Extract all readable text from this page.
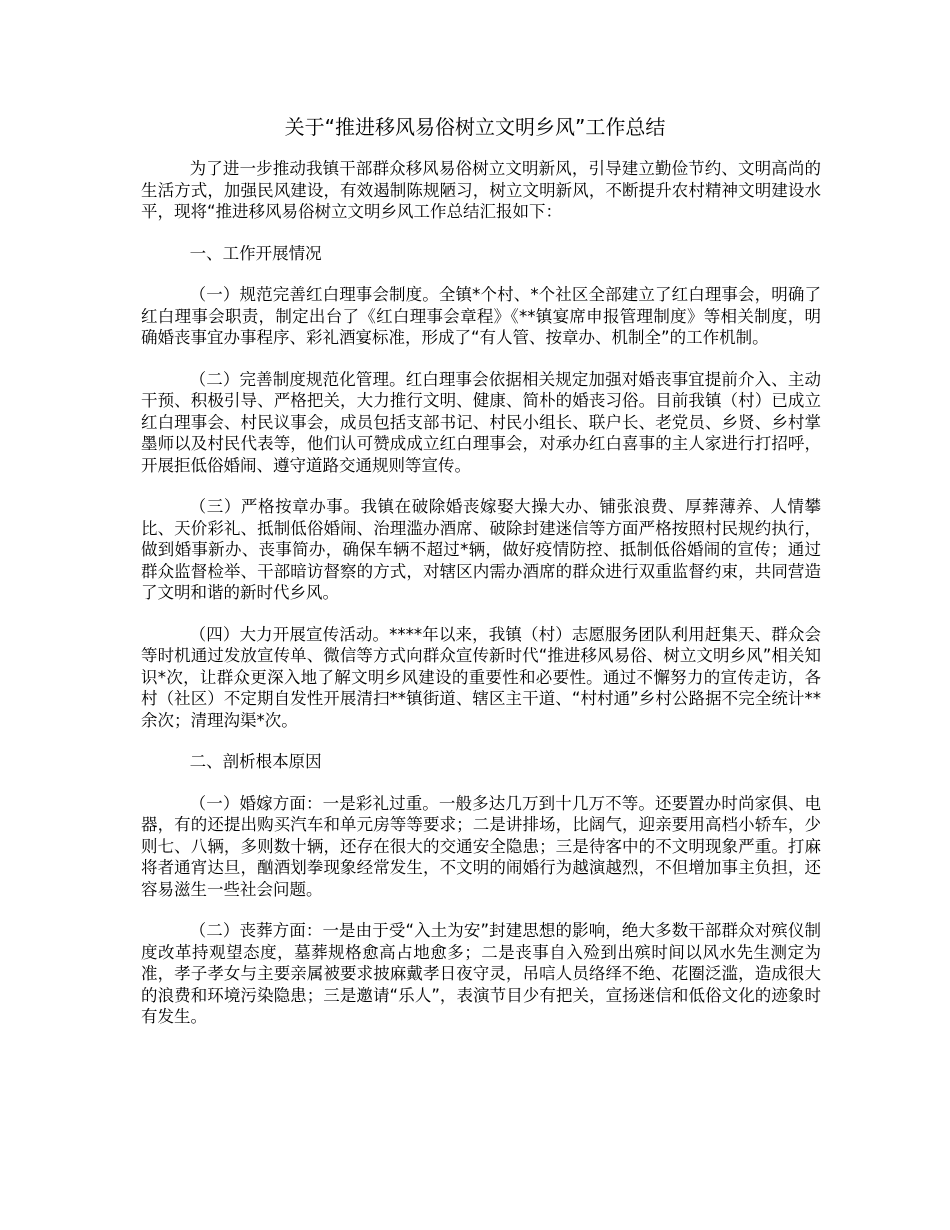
关于“推进移风易俗树立文明乡风”工作总结

为了进一步推动我镇干部群众移风易俗树立文明新风，引导建立勤俭节约、文明高尚的生活方式，加强民风建设，有效遏制陈规陋习，树立文明新风，不断提升农村精神文明建设水平，现将“推进移风易俗树立文明乡风工作总结汇报如下：

一、工作开展情况

（一）规范完善红白理事会制度。全镇*个村、*个社区全部建立了红白理事会，明确了红白理事会职责，制定出台了《红白理事会章程》《**镇宴席申报管理制度》等相关制度，明确婚丧事宜办事程序、彩礼酒宴标准，形成了“有人管、按章办、机制全”的工作机制。

（二）完善制度规范化管理。红白理事会依据相关规定加强对婚丧事宜提前介入、主动干预、积极引导、严格把关，大力推行文明、健康、简朴的婚丧习俗。目前我镇（村）已成立红白理事会、村民议事会，成员包括支部书记、村民小组长、联户长、老党员、乡贤、乡村掌墨师以及村民代表等，他们认可赞成成立红白理事会，对承办红白喜事的主人家进行打招呼，开展拒低俗婚闹、遵守道路交通规则等宣传。

（三）严格按章办事。我镇在破除婚丧嫁娶大操大办、铺张浪费、厚葬薄养、人情攀比、天价彩礼、抵制低俗婚闹、治理滥办酒席、破除封建迷信等方面严格按照村民规约执行，做到婚事新办、丧事简办，确保车辆不超过*辆，做好疫情防控、抵制低俗婚闹的宣传；通过群众监督检举、干部暗访督察的方式，对辖区内需办酒席的群众进行双重监督约束，共同营造了文明和谐的新时代乡风。

（四）大力开展宣传活动。****年以来，我镇（村）志愿服务团队利用赶集天、群众会等时机通过发放宣传单、微信等方式向群众宣传新时代“推进移风易俗、树立文明乡风”相关知识*次，让群众更深入地了解文明乡风建设的重要性和必要性。通过不懈努力的宣传走访，各村（社区）不定期自发性开展清扫**镇街道、辖区主干道、“村村通”乡村公路据不完全统计**余次；清理沟渠*次。

二、剖析根本原因

（一）婚嫁方面：一是彩礼过重。一般多达几万到十几万不等。还要置办时尚家俱、电器，有的还提出购买汽车和单元房等等要求；二是讲排场，比阔气，迎亲要用高档小轿车，少则七、八辆，多则数十辆，还存在很大的交通安全隐患；三是待客中的不文明现象严重。打麻将者通宵达旦，酗酒划拳现象经常发生，不文明的闹婚行为越演越烈，不但增加事主负担，还容易滋生一些社会问题。

（二）丧葬方面：一是由于受“入土为安”封建思想的影响，绝大多数干部群众对殡仪制度改革持观望态度，墓葬规格愈高占地愈多；二是丧事自入殓到出殡时间以风水先生测定为准，孝子孝女与主要亲属被要求披麻戴孝日夜守灵，吊唁人员络绎不绝、花圈泛滥，造成很大的浪费和环境污染隐患；三是邀请“乐人”，表演节目少有把关，宣扬迷信和低俗文化的迹象时有发生。
